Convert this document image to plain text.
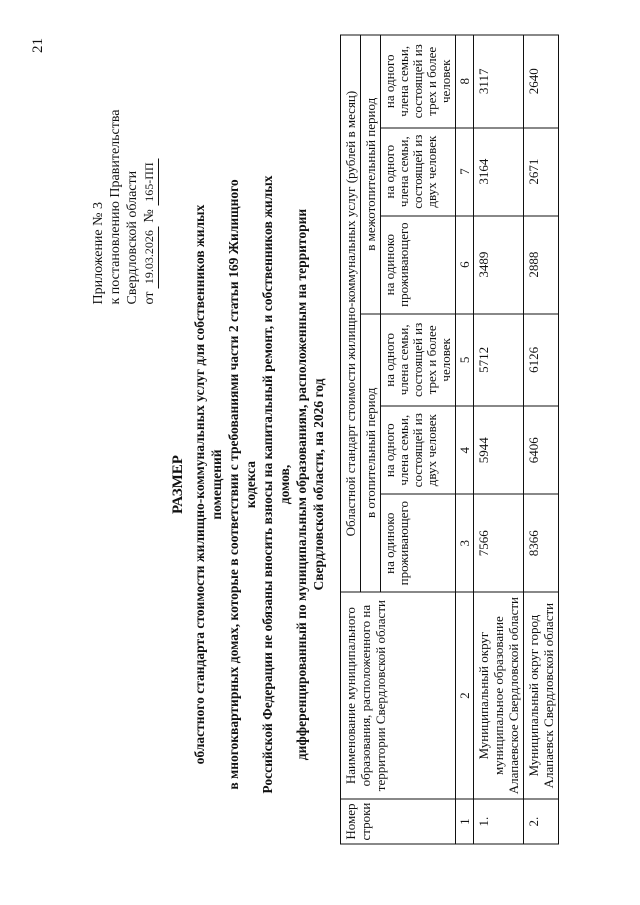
21
Приложение № 3 к постановлению Правительства Свердловской области от 19.03.2026 № 165-ПП
РАЗМЕР областного стандарта стоимости жилищно-коммунальных услуг для собственников жилых помещений в многоквартирных домах, которые в соответствии с требованиями части 2 статьи 169 Жилищного кодекса Российской Федерации не обязаны вносить взносы на капитальный ремонт, и собственников жилых домов, дифференцированный по муниципальным образованиям, расположенным на территории Свердловской области, на 2026 год
Номер строки	Наименование муниципального образования, расположенного на территории Свердловской области	Областной стандарт стоимости жилищно-коммунальных услуг (рублей в месяц)					
		в отопительный период			в межотопительный период		
		на одиноко проживающего	на одного члена семьи, состоящей из двух человек	на одного члена семьи, состоящей из трех и более человек	на одиноко проживающего	на одного члена семьи, состоящей из двух человек	на одного члена семьи, состоящей из трех и более человек
1	2	3	4	5	6	7	8
1.	Муниципальный округ муниципальное образование Алапаевское Свердловской области	7566	5944	5712	3489	3164	3117
2.	Муниципальный округ город Алапаевск Свердловской области	8366	6406	6126	2888	2671	2640
